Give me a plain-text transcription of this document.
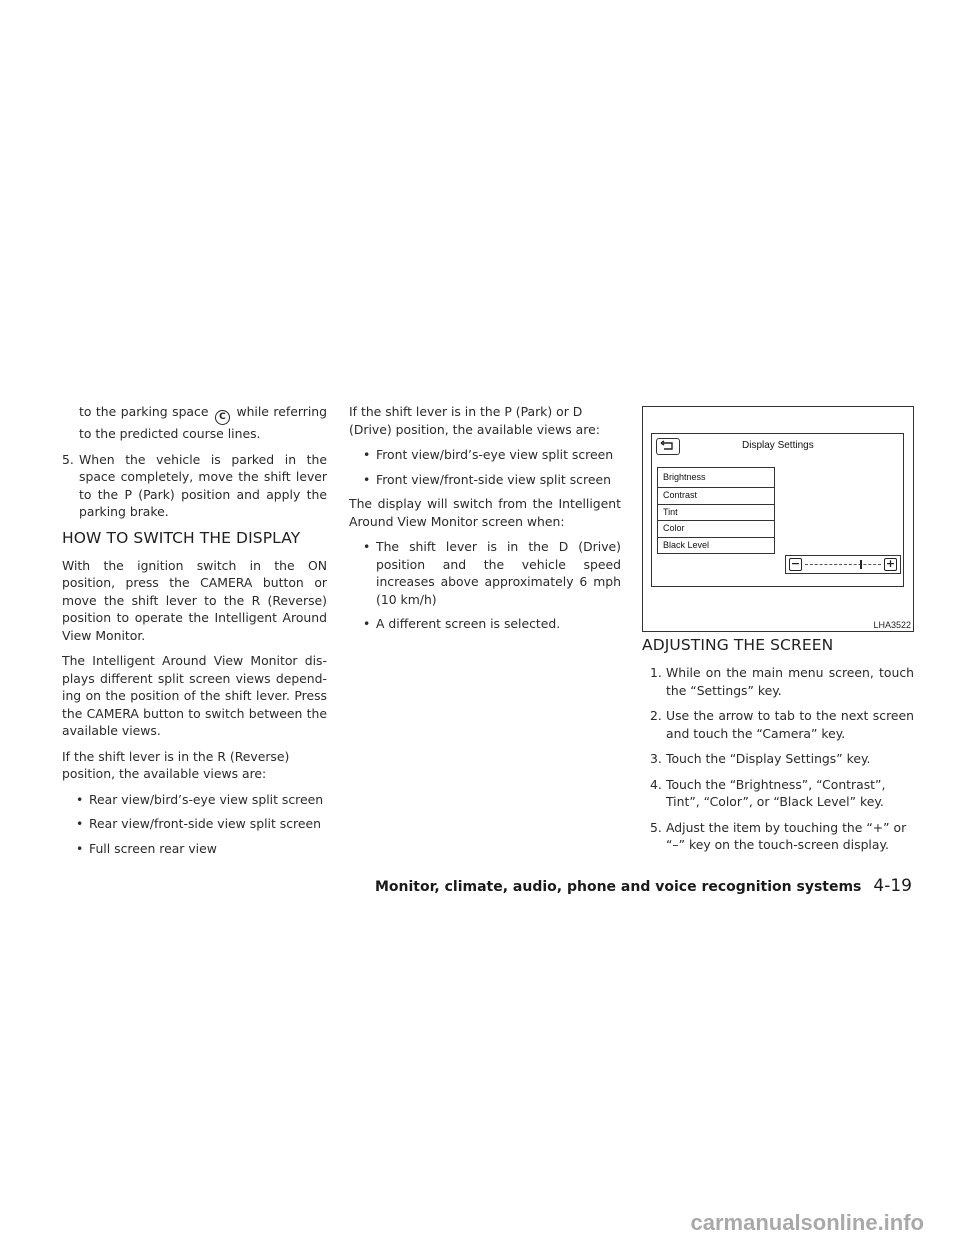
to the parking space C while referring to the predicted course lines.

5. When the vehicle is parked in the space completely, move the shift lever to the P (Park) position and apply the parking brake.

HOW TO SWITCH THE DISPLAY

With the ignition switch in the ON position, press the CAMERA button or move the shift lever to the R (Reverse) position to operate the Intelligent Around View Monitor.

The Intelligent Around View Monitor dis-plays different split screen views depend-ing on the position of the shift lever. Press the CAMERA button to switch between the available views.

If the shift lever is in the R (Reverse) position, the available views are:

• Rear view/bird’s-eye view split screen

• Rear view/front-side view split screen

• Full screen rear view

If the shift lever is in the P (Park) or D (Drive) position, the available views are:

• Front view/bird’s-eye view split screen

• Front view/front-side view split screen

The display will switch from the Intelligent Around View Monitor screen when:

• The shift lever is in the D (Drive) position and the vehicle speed increases above approximately 6 mph (10 km/h)

• A different screen is selected.

Display Settings
Brightness
Contrast
Tint
Color
Black Level
−	+
LHA3522
ADJUSTING THE SCREEN

1. While on the main menu screen, touch the “Settings” key.

2. Use the arrow to tab to the next screen and touch the “Camera” key.

3. Touch the “Display Settings” key.

4. Touch the “Brightness”, “Contrast”, Tint”, “Color”, or “Black Level” key.

5. Adjust the item by touching the “+” or “–” key on the touch-screen display.

Monitor, climate, audio, phone and voice recognition systems 4-19
carmanualsonline.info
